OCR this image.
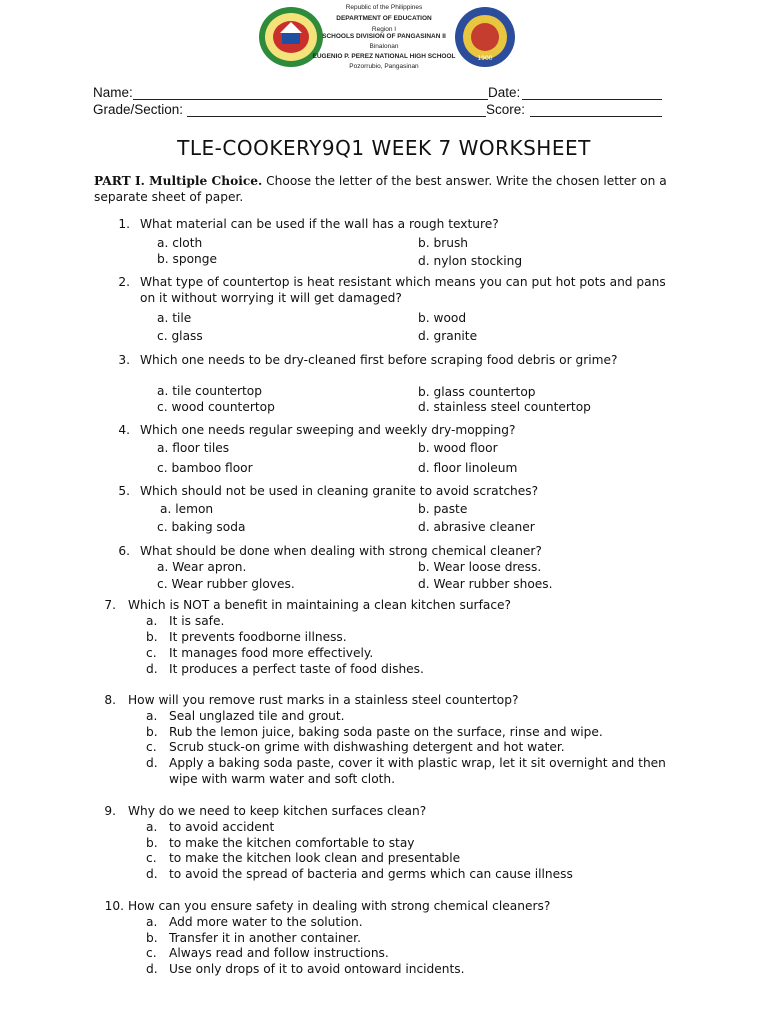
1900
Republic of the Philippines
DEPARTMENT OF EDUCATION
Region I
SCHOOLS DIVISION OF PANGASINAN II
Binalonan
EUGENIO P. PEREZ NATIONAL HIGH SCHOOL
Pozorrubio, Pangasinan
Name:	Date:
Grade/Section:	Score:
TLE-COOKERY9Q1 WEEK 7 WORKSHEET
PART I. Multiple Choice. Choose the letter of the best answer. Write the chosen letter on a separate sheet of paper.
1. What material can be used if the wall has a rough texture?
a. cloth	b. brush
b. sponge	d. nylon stocking
2. What type of countertop is heat resistant which means you can put hot pots and pans on it without worrying it will get damaged?
a. tile	b. wood
c. glass	d. granite
3. Which one needs to be dry-cleaned first before scraping food debris or grime?
a. tile countertop	b. glass countertop
c. wood countertop	d. stainless steel countertop
4. Which one needs regular sweeping and weekly dry-mopping?
a. floor tiles	b. wood floor
c. bamboo floor	d. floor linoleum
5. Which should not be used in cleaning granite to avoid scratches?
a. lemon	b. paste
c. baking soda	d. abrasive cleaner
6. What should be done when dealing with strong chemical cleaner?
a. Wear apron.	b. Wear loose dress.
c. Wear rubber gloves.	d. Wear rubber shoes.
7. Which is NOT a benefit in maintaining a clean kitchen surface?
a. It is safe.
b. It prevents foodborne illness.
c. It manages food more effectively.
d. It produces a perfect taste of food dishes.
8. How will you remove rust marks in a stainless steel countertop?
a. Seal unglazed tile and grout.
b. Rub the lemon juice, baking soda paste on the surface, rinse and wipe.
c. Scrub stuck-on grime with dishwashing detergent and hot water.
d. Apply a baking soda paste, cover it with plastic wrap, let it sit overnight and then wipe with warm water and soft cloth.
9. Why do we need to keep kitchen surfaces clean?
a. to avoid accident
b. to make the kitchen comfortable to stay
c. to make the kitchen look clean and presentable
d. to avoid the spread of bacteria and germs which can cause illness
10. How can you ensure safety in dealing with strong chemical cleaners?
a. Add more water to the solution.
b. Transfer it in another container.
c. Always read and follow instructions.
d. Use only drops of it to avoid ontoward incidents.
